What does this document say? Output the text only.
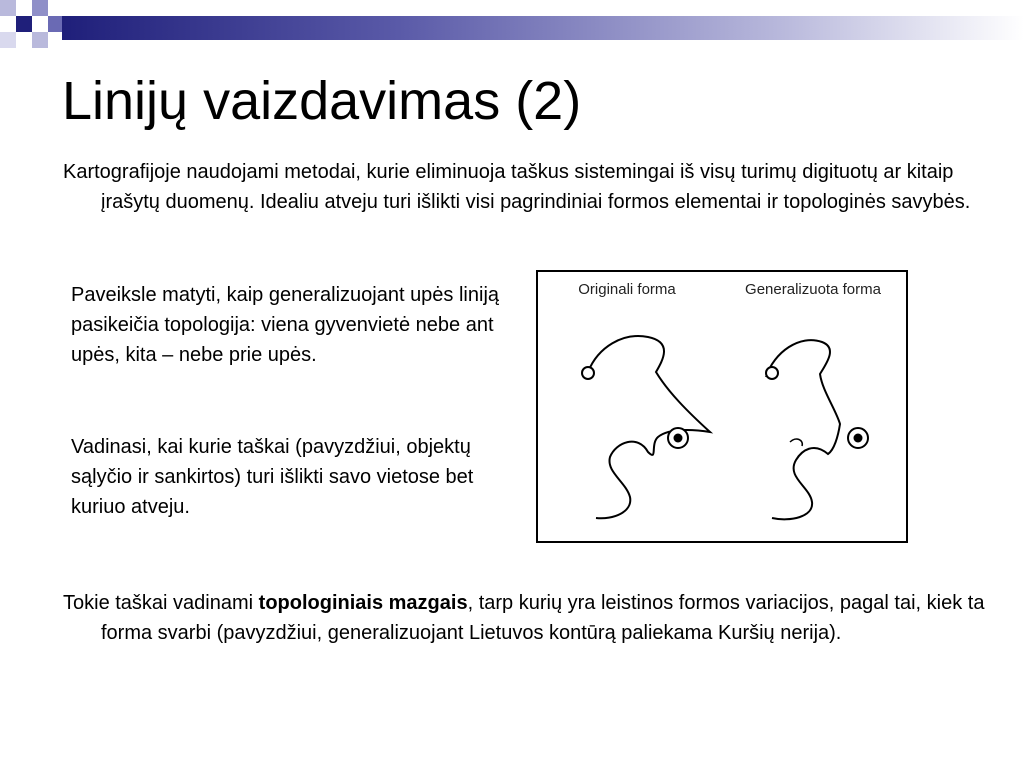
Linijų vaizdavimas (2)

Kartografijoje naudojami metodai, kurie eliminuoja taškus sistemingai iš visų turimų digituotų ar kitaip įrašytų duomenų. Idealiu atveju turi išlikti visi pagrindiniai formos elementai ir topologinės savybės.

Paveiksle matyti, kaip generalizuojant upės liniją pasikeičia topologija: viena gyvenvietė nebe ant upės, kita – nebe prie upės.

Vadinasi, kai kurie taškai (pavyzdžiui, objektų sąlyčio ir sankirtos) turi išlikti savo vietose bet kuriuo atveju.

Originali forma	Generalizuota forma

Tokie taškai vadinami topologiniais mazgais, tarp kurių yra leistinos formos variacijos, pagal tai, kiek ta forma svarbi (pavyzdžiui, generalizuojant Lietuvos kontūrą paliekama Kuršių nerija).
